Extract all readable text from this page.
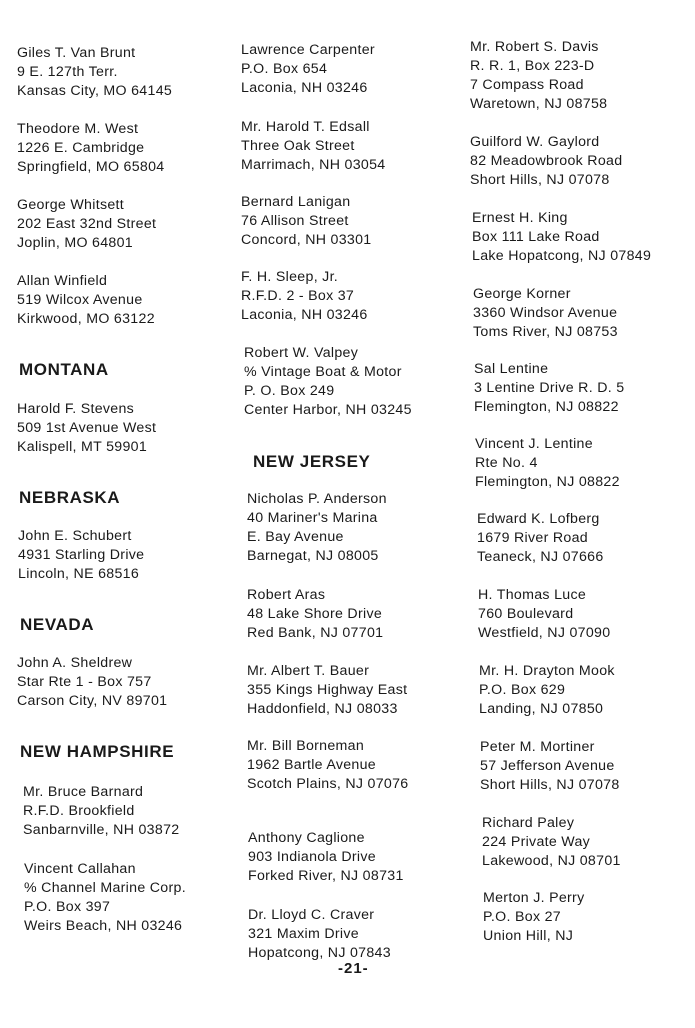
Giles T. Van Brunt
9 E. 127th Terr.
Kansas City, MO 64145
Theodore M. West
1226 E. Cambridge
Springfield, MO 65804
George Whitsett
202 East 32nd Street
Joplin, MO 64801
Allan Winfield
519 Wilcox Avenue
Kirkwood, MO 63122
MONTANA
Harold F. Stevens
509 1st Avenue West
Kalispell, MT 59901
NEBRASKA
John E. Schubert
4931 Starling Drive
Lincoln, NE 68516
NEVADA
John A. Sheldrew
Star Rte 1 - Box 757
Carson City, NV 89701
NEW HAMPSHIRE
Mr. Bruce Barnard
R.F.D. Brookfield
Sanbarnville, NH 03872
Vincent Callahan
% Channel Marine Corp.
P.O. Box 397
Weirs Beach, NH 03246
Lawrence Carpenter
P.O. Box 654
Laconia, NH 03246
Mr. Harold T. Edsall
Three Oak Street
Marrimach, NH 03054
Bernard Lanigan
76 Allison Street
Concord, NH 03301
F. H. Sleep, Jr.
R.F.D. 2 - Box 37
Laconia, NH 03246
Robert W. Valpey
% Vintage Boat & Motor
P. O. Box 249
Center Harbor, NH 03245
NEW JERSEY
Nicholas P. Anderson
40 Mariner's Marina
E. Bay Avenue
Barnegat, NJ 08005
Robert Aras
48 Lake Shore Drive
Red Bank, NJ 07701
Mr. Albert T. Bauer
355 Kings Highway East
Haddonfield, NJ 08033
Mr. Bill Borneman
1962 Bartle Avenue
Scotch Plains, NJ 07076
Anthony Caglione
903 Indianola Drive
Forked River, NJ 08731
Dr. Lloyd C. Craver
321 Maxim Drive
Hopatcong, NJ 07843
Mr. Robert S. Davis
R. R. 1, Box 223-D
7 Compass Road
Waretown, NJ 08758
Guilford W. Gaylord
82 Meadowbrook Road
Short Hills, NJ 07078
Ernest H. King
Box 111 Lake Road
Lake Hopatcong, NJ 07849
George Korner
3360 Windsor Avenue
Toms River, NJ 08753
Sal Lentine
3 Lentine Drive R. D. 5
Flemington, NJ 08822
Vincent J. Lentine
Rte No. 4
Flemington, NJ 08822
Edward K. Lofberg
1679 River Road
Teaneck, NJ 07666
H. Thomas Luce
760 Boulevard
Westfield, NJ 07090
Mr. H. Drayton Mook
P.O. Box 629
Landing, NJ 07850
Peter M. Mortiner
57 Jefferson Avenue
Short Hills, NJ 07078
Richard Paley
224 Private Way
Lakewood, NJ 08701
Merton J. Perry
P.O. Box 27
Union Hill, NJ
-21-
